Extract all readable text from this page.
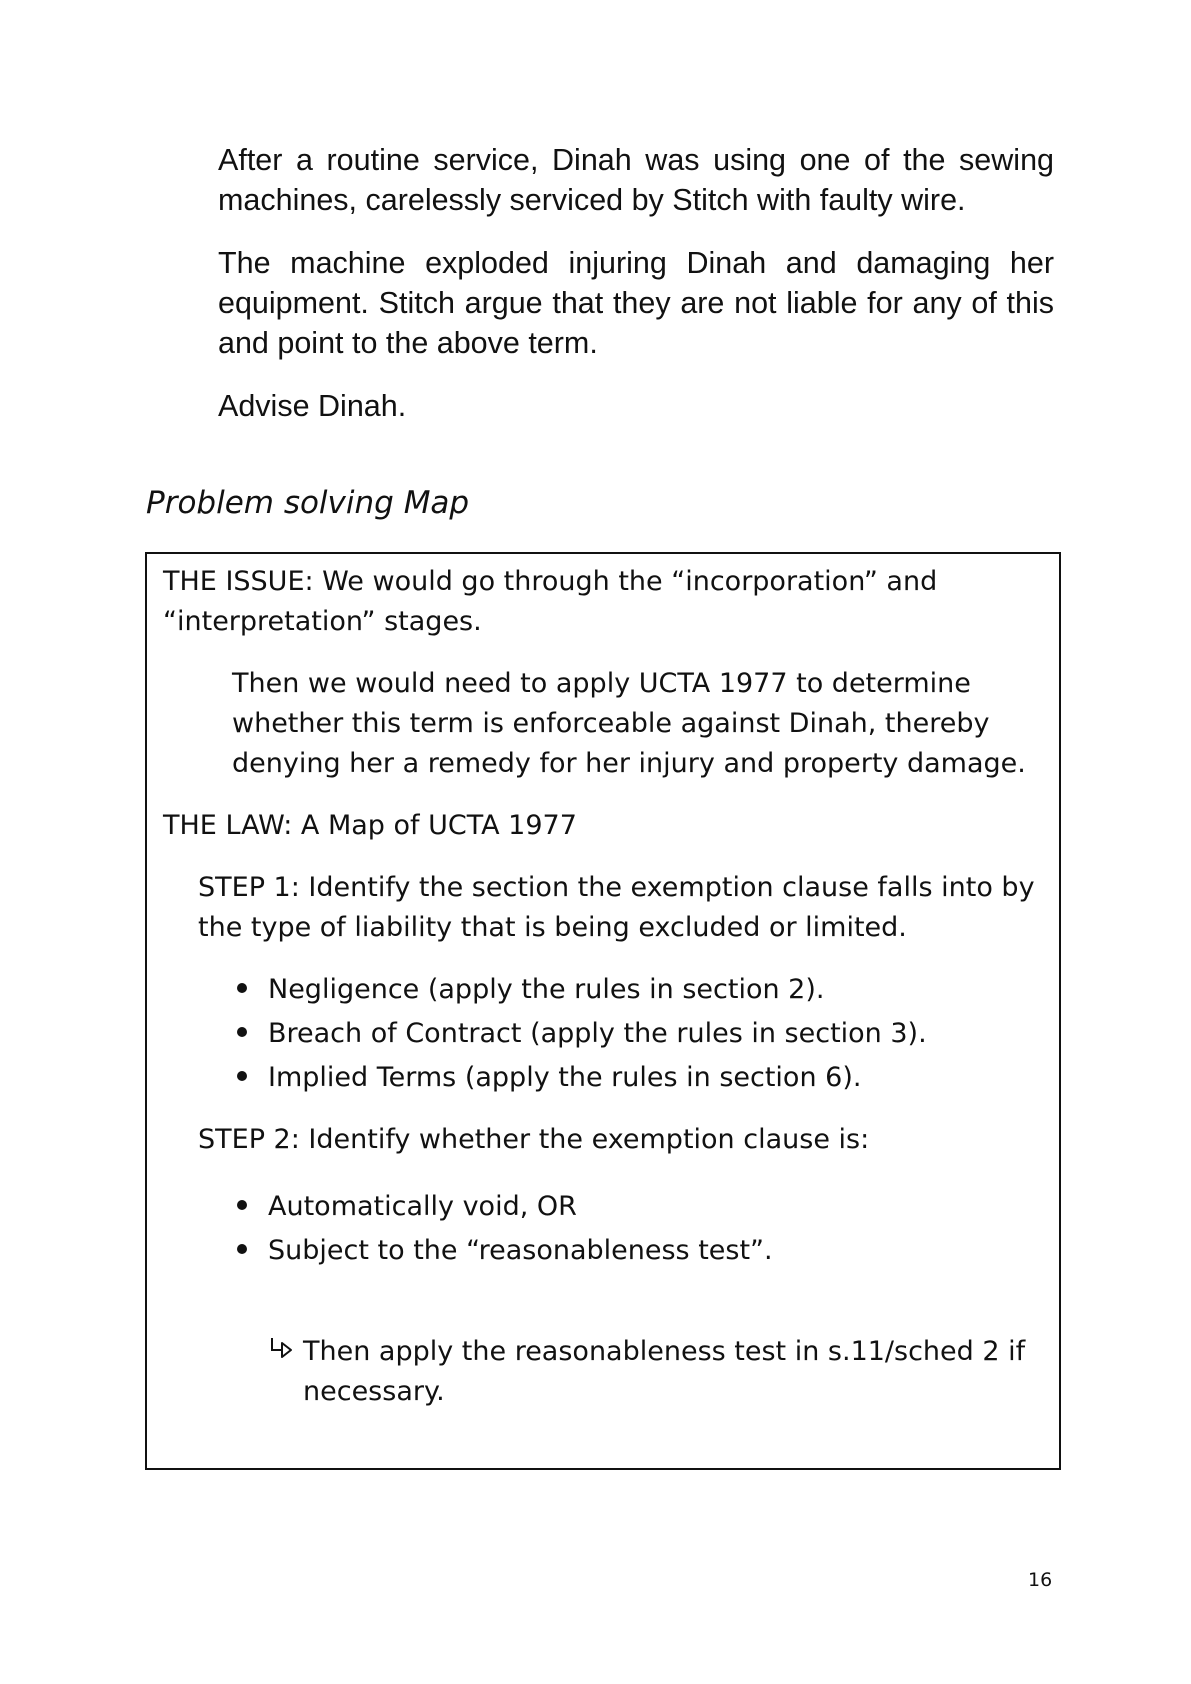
After a routine service, Dinah was using one of the sewing machines, carelessly serviced by Stitch with faulty wire.

The machine exploded injuring Dinah and damaging her equipment. Stitch argue that they are not liable for any of this and point to the above term.

Advise Dinah.

Problem solving Map

THE ISSUE: We would go through the “incorporation” and

“interpretation” stages.

Then we would need to apply UCTA 1977 to determine

whether this term is enforceable against Dinah, thereby

denying her a remedy for her injury and property damage.

THE LAW: A Map of UCTA 1977

STEP 1: Identify the section the exemption clause falls into by

the type of liability that is being excluded or limited.

Negligence (apply the rules in section 2).

Breach of Contract (apply the rules in section 3).

Implied Terms (apply the rules in section 6).

STEP 2: Identify whether the exemption clause is:

Automatically void, OR

Subject to the “reasonableness test”.

Then apply the reasonableness test in s.11/sched 2 if

necessary.

16
